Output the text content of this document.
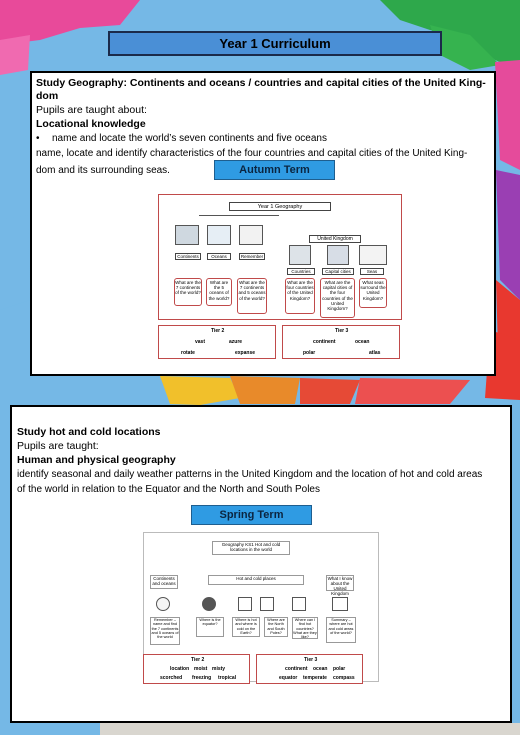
Year 1 Curriculum
Study Geography: Continents and oceans / countries and capital cities of the United King-
dom
Pupils are taught about:
Locational knowledge
• name and locate the world’s seven continents and five oceans
name, locate and identify characteristics of the four countries and capital cities of the United King-
dom and its surrounding seas.	Autumn Term
Year 1 Geography
United Kingdom
Continents	Oceans	Remember
Countries	Capital cities	Seas
What are the 7 continents of the world?
What are the 5 oceans of the world?
What are the 7 continents and 5 oceans of the world?
What are the four countries of the United Kingdom?
What are the capital cities of the four countries of the United Kingdom?
What seas surround the United Kingdom?
Tier 2
vast	azure
rotate	expanse
Tier 3
continent	ocean
polar	atlas
Study hot and cold locations
Pupils are taught:
Human and physical geography
identify seasonal and daily weather patterns in the United Kingdom and the location of hot and cold areas
of the world in relation to the Equator and the North and South Poles
Spring Term
Geography KS1 Hot and cold locations in the world
Continents and oceans
Hot and cold places	What I know about the United Kingdom
Remember – name and find the 7 continents and 5 oceans of the world
Where is the equator?
Where is hot and where is cold on the Earth?
Where are the North and South Poles?
Where can I find hot countries? What are they like?
Summary – where are hot and cold areas of the world?
Tier 2
location moist misty
scorched freezing tropical
Tier 3
continent ocean polar
equator temperate compass
